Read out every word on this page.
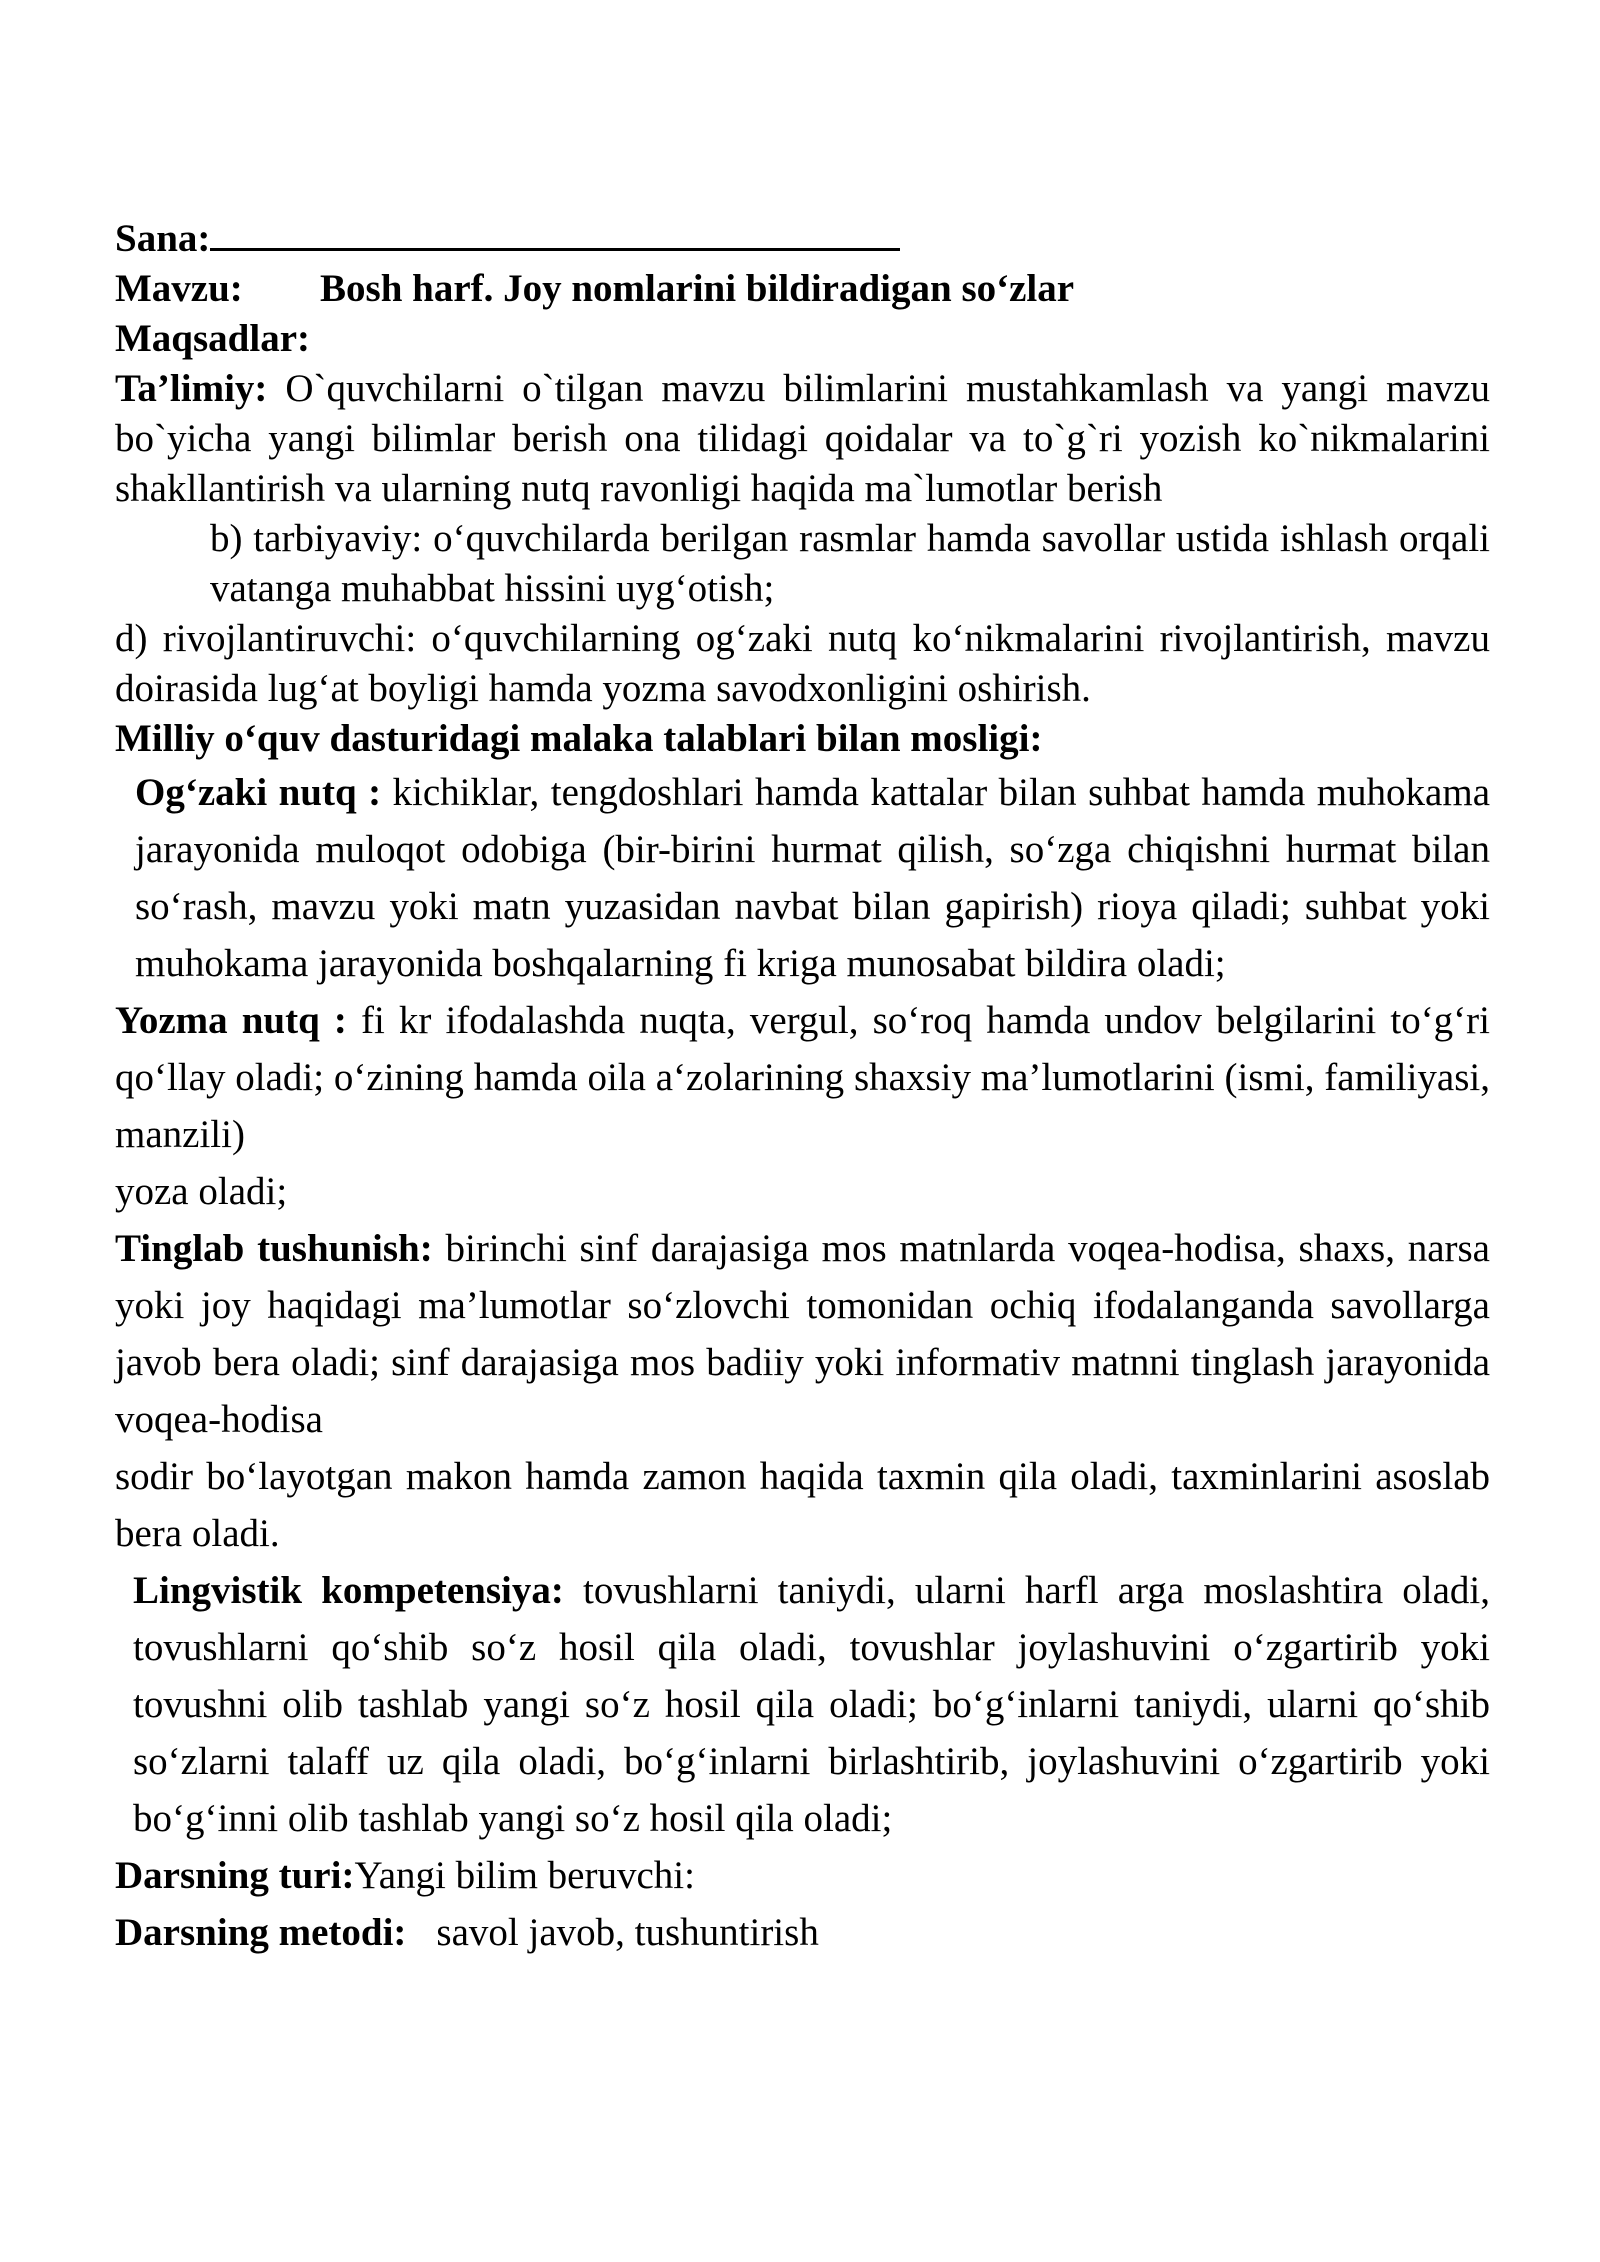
Sana:

Mavzu: Bosh harf. Joy nomlarini bildiradigan so‘zlar

Maqsadlar:

Ta’limiy: O`quvchilarni o`tilgan mavzu bilimlarini mustahkamlash va yangi mavzu bo`yicha yangi bilimlar berish ona tilidagi qoidalar va to`g`ri yozish ko`nikmalarini shakllantirish va ularning nutq ravonligi haqida ma`lumotlar berish

b) tarbiyaviy: o‘quvchilarda berilgan rasmlar hamda savollar ustida ishlash orqali vatanga muhabbat hissini uyg‘otish;

d) rivojlantiruvchi: o‘quvchilarning og‘zaki nutq ko‘nikmalarini rivojlantirish, mavzu doirasida lug‘at boyligi hamda yozma savodxonligini oshirish.

Milliy o‘quv dasturidagi malaka talablari bilan mosligi:

Og‘zaki nutq : kichiklar, tengdoshlari hamda kattalar bilan suhbat hamda muhokama jarayonida muloqot odobiga (bir-birini hurmat qilish, so‘zga chiqishni hurmat bilan so‘rash, mavzu yoki matn yuzasidan navbat bilan gapirish) rioya qiladi; suhbat yoki muhokama jarayonida boshqalarning fi kriga munosabat bildira oladi;

Yozma nutq : fi kr ifodalashda nuqta, vergul, so‘roq hamda undov belgilarini to‘g‘ri qo‘llay oladi; o‘zining hamda oila a‘zolarining shaxsiy ma’lumotlarini (ismi, familiyasi, manzili)

yoza oladi;

Tinglab tushunish: birinchi sinf darajasiga mos matnlarda voqea-hodisa, shaxs, narsa yoki joy haqidagi ma’lumotlar so‘zlovchi tomonidan ochiq ifodalanganda savollarga javob bera oladi; sinf darajasiga mos badiiy yoki informativ matnni tinglash jarayonida voqea-hodisa

sodir bo‘layotgan makon hamda zamon haqida taxmin qila oladi, taxminlarini asoslab bera oladi.

Lingvistik kompetensiya: tovushlarni taniydi, ularni harfl arga moslashtira oladi, tovushlarni qo‘shib so‘z hosil qila oladi, tovushlar joylashuvini o‘zgartirib yoki tovushni olib tashlab yangi so‘z hosil qila oladi; bo‘g‘inlarni taniydi, ularni qo‘shib so‘zlarni talaff uz qila oladi, bo‘g‘inlarni birlashtirib, joylashuvini o‘zgartirib yoki bo‘g‘inni olib tashlab yangi so‘z hosil qila oladi;

Darsning turi:Yangi bilim beruvchi:

Darsning metodi: savol javob, tushuntirish
